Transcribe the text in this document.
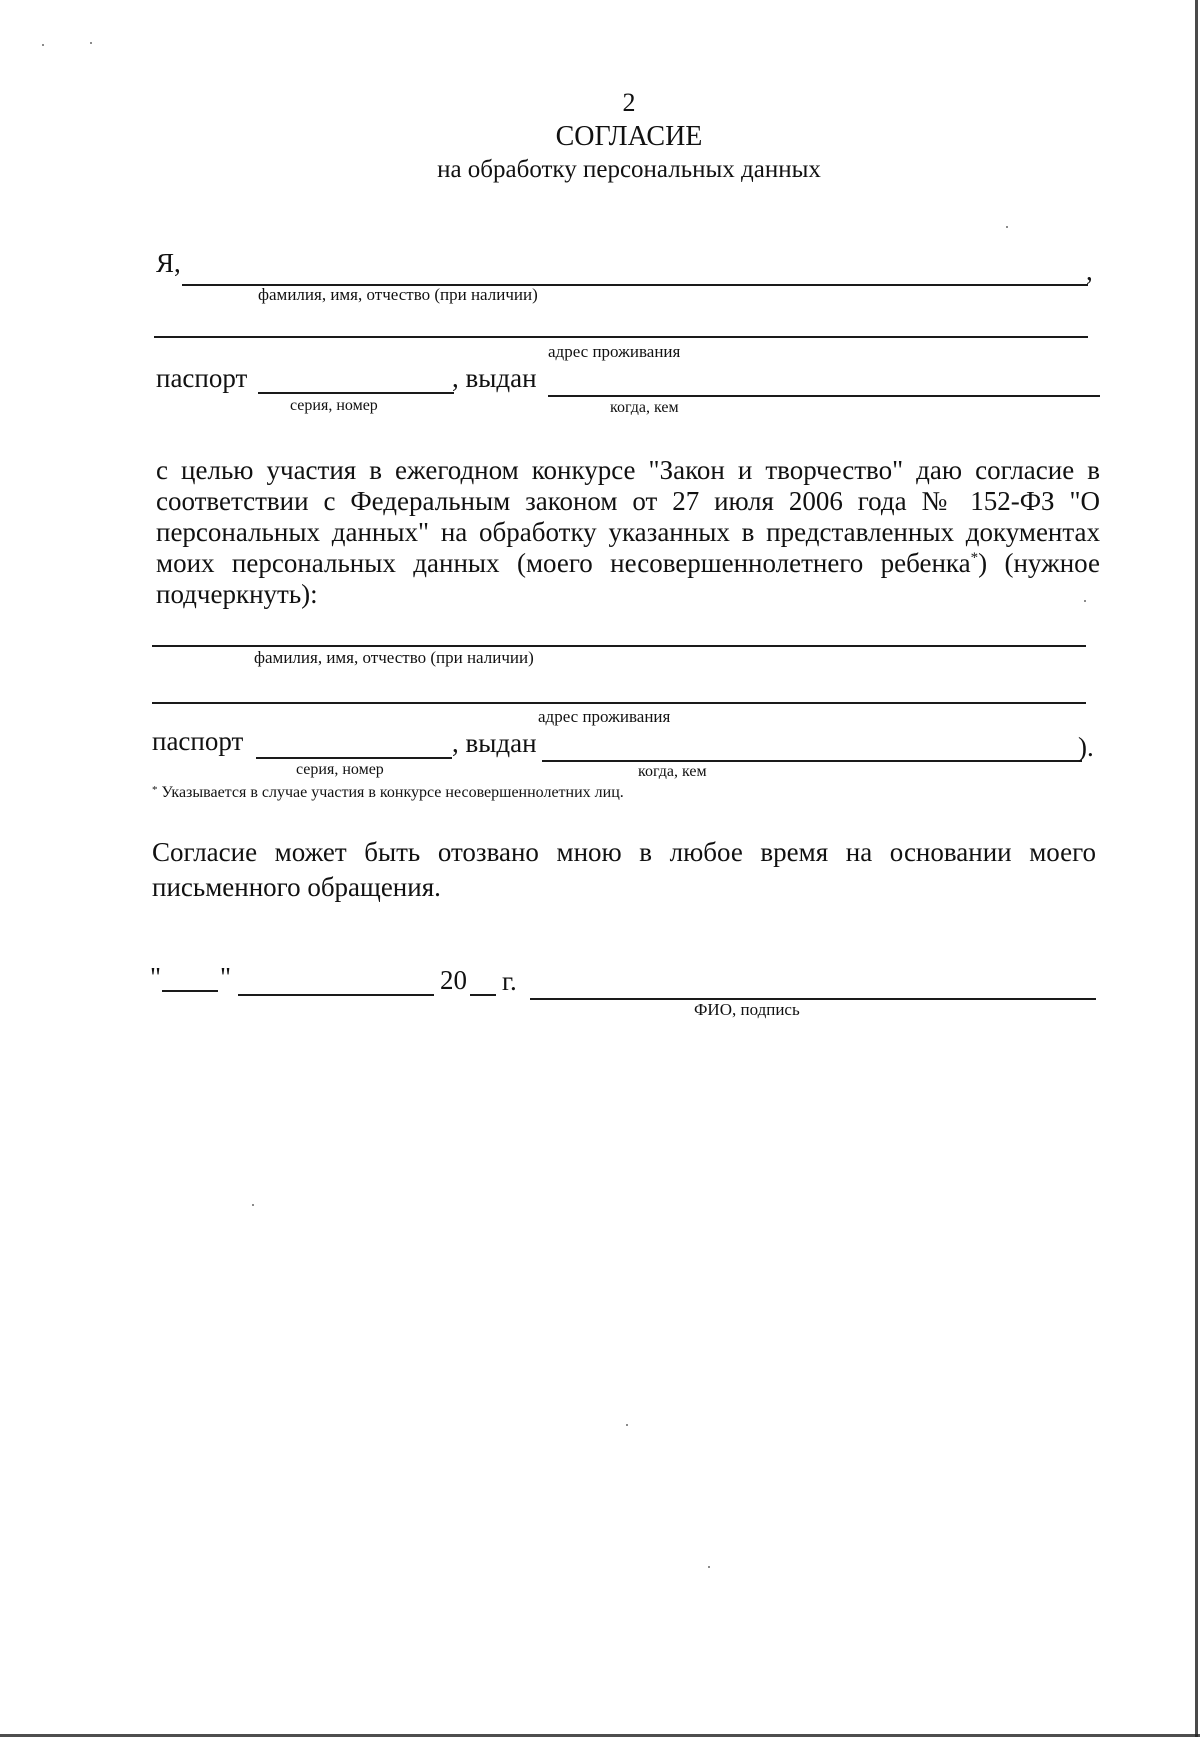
2
СОГЛАСИЕ
на обработку персональных данных
Я,	,
фамилия, имя, отчество (при наличии)
адрес проживания
паспорт	, выдан
серия, номер	когда, кем
с целью участия в ежегодном конкурсе "Закон и творчество" даю согласие в соответствии с Федеральным законом от 27 июля 2006 года № 152-ФЗ "О персональных данных" на обработку указанных в представленных документах моих персональных данных (моего несовершеннолетнего ребенка*) (нужное подчеркнуть):
фамилия, имя, отчество (при наличии)
адрес проживания
паспорт	, выдан	).
серия, номер	когда, кем
* Указывается в случае участия в конкурсе несовершеннолетних лиц.
Согласие может быть отозвано мною в любое время на основании моего письменного обращения.
" "	20 г.
ФИО, подпись
